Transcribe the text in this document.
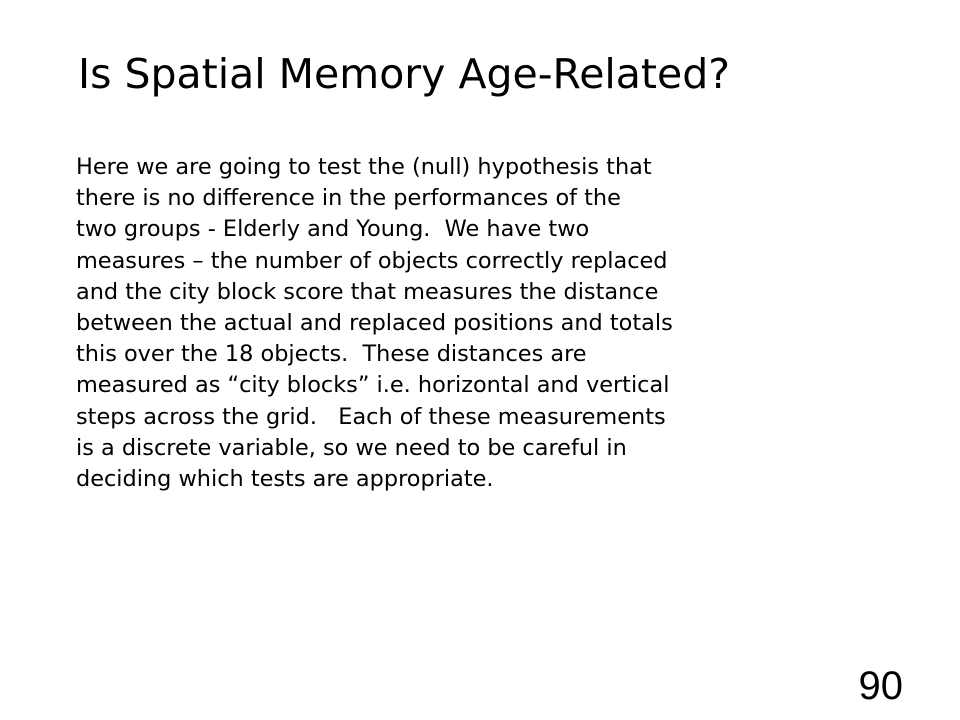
Is Spatial Memory Age-Related?
Here we are going to test the (null) hypothesis that
there is no difference in the performances of the
two groups - Elderly and Young.  We have two
measures – the number of objects correctly replaced
and the city block score that measures the distance
between the actual and replaced positions and totals
this over the 18 objects.  These distances are
measured as “city blocks” i.e. horizontal and vertical
steps across the grid.   Each of these measurements
is a discrete variable, so we need to be careful in
deciding which tests are appropriate.
90
